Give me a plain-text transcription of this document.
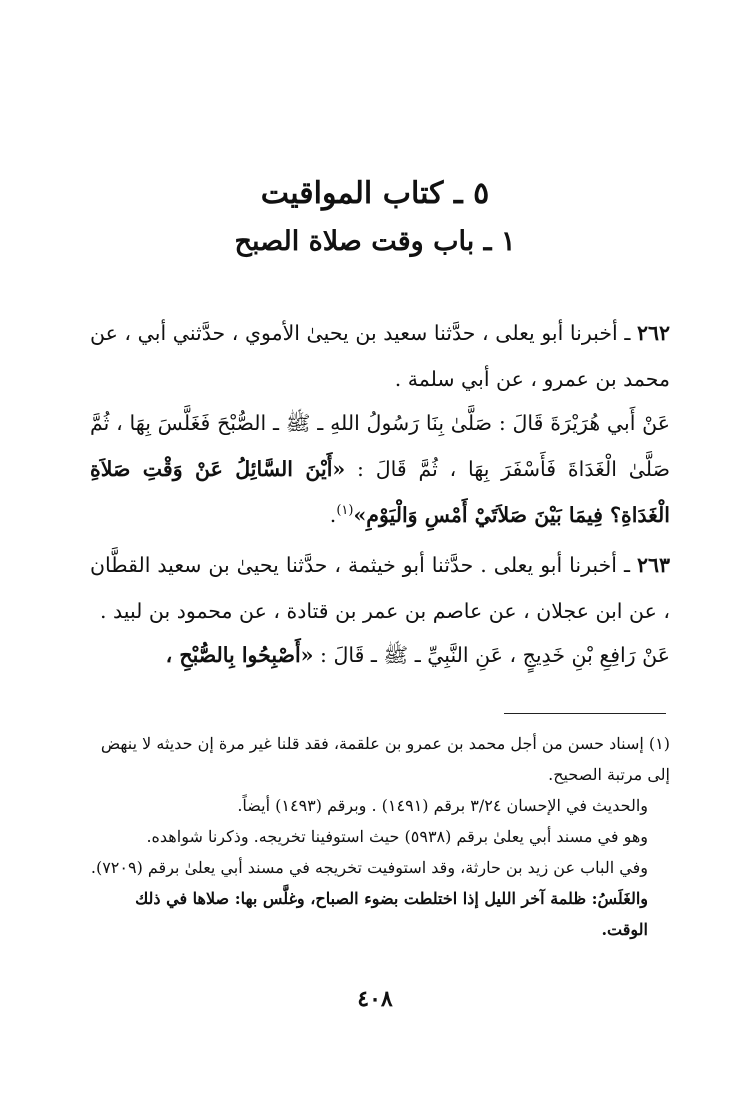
٥ ـ كتاب المواقيت
١ ـ باب وقت صلاة الصبح
٢٦٢ ـ أخبرنا أبو يعلى ، حدَّثنا سعيد بن يحيىٰ الأموي ، حدَّثني أبي ، عن محمد بن عمرو ، عن أبي سلمة .
عَنْ أَبي هُرَيْرَةَ قَالَ : صَلَّىٰ بِنَا رَسُولُ اللهِ ـ ﷺ ـ الصُّبْحَ فَغَلَّسَ بِهَا ، ثُمَّ صَلَّىٰ الْغَدَاةَ فَأَسْفَرَ بِهَا ، ثُمَّ قَالَ : «أَيْنَ السَّائِلُ عَنْ وَقْتِ صَلاَةِ الْغَدَاةِ؟ فِيمَا بَيْنَ صَلاَتَيْ أَمْسِ وَالْيَوْمِ»$^{(١)}$.
٢٦٣ ـ أخبرنا أبو يعلى . حدَّثنا أبو خيثمة ، حدَّثنا يحيىٰ بن سعيد القطَّان ، عن ابن عجلان ، عن عاصم بن عمر بن قتادة ، عن محمود بن لبيد .
عَنْ رَافِعِ بْنِ خَدِيجٍ ، عَنِ النَّبِيِّ ـ ﷺ ـ قَالَ : «أَصْبِحُوا بِالصُّبْحِ ،

(١) إسناد حسن من أجل محمد بن عمرو بن علقمة، فقد قلنا غير مرة إن حديثه لا ينهض إلى مرتبة الصحيح.

والحديث في الإحسان ٣/٢٤ برقم (١٤٩١) . وبرقم (١٤٩٣) أيضاً.

وهو في مسند أبي يعلىٰ برقم (٥٩٣٨) حيث استوفينا تخريجه. وذكرنا شواهده.

وفي الباب عن زيد بن حارثة، وقد استوفيت تخريجه في مسند أبي يعلىٰ برقم (٧٢٠٩).

والغَلَسُ: ظلمة آخر الليل إذا اختلطت بضوء الصباح، وغلَّس بها: صلاها في ذلك الوقت.

٤٠٨
